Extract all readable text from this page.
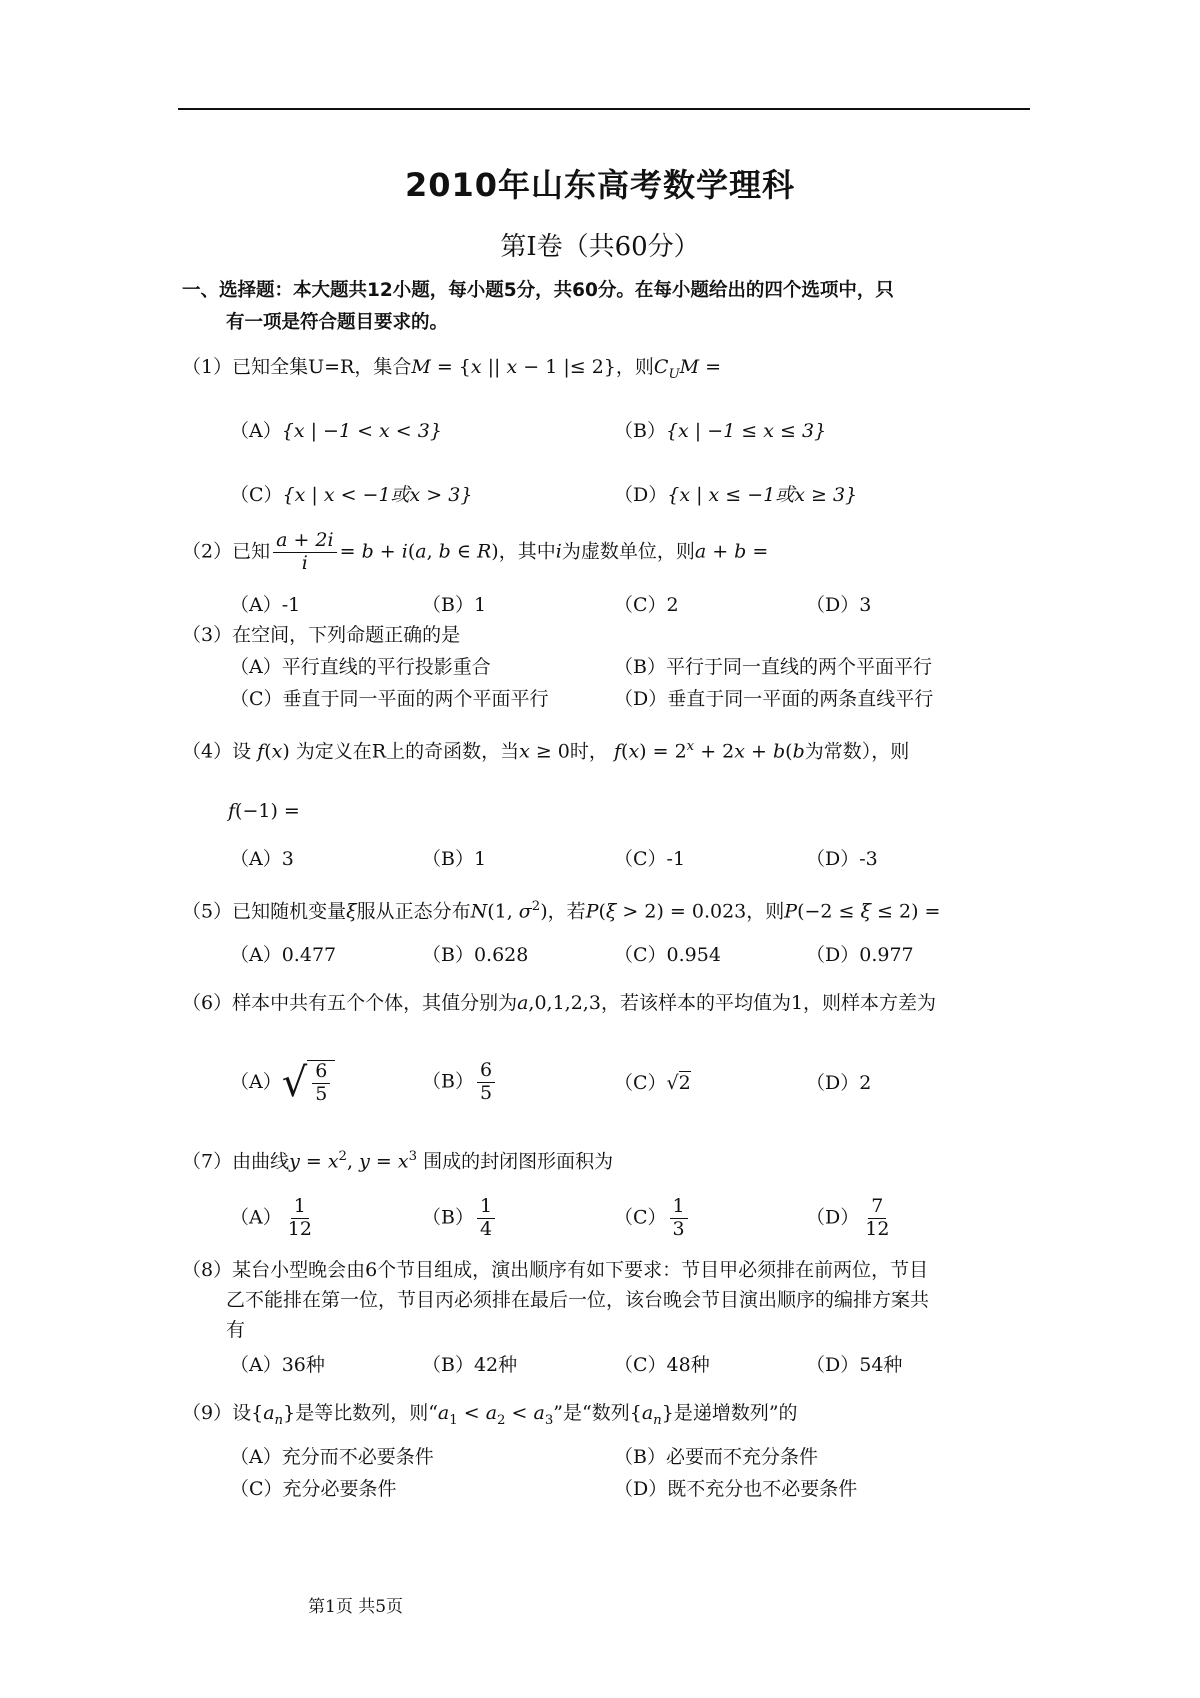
2010年山东高考数学理科
第Ⅰ卷（共60分）
一、选择题：本大题共12小题，每小题5分，共60分。在每小题给出的四个选项中，只
有一项是符合题目要求的。
（1）已知全集U=R，集合M = {x || x − 1 |≤ 2}，则$C_UM$ =
（A）{x | −1 < x < 3}	（B）{x | −1 ≤ x ≤ 3}
（C）{x | x < −1或x > 3}	（D）{x | x ≤ −1或x ≥ 3}
（2）已知 $\frac{a + 2i}{i} = b + i(a$, b ∈ R)，其中i为虚数单位，则a + b =
（A）-1	（B）1	（C）2	（D）3
（3）在空间，下列命题正确的是
（A）平行直线的平行投影重合	（B）平行于同一直线的两个平面平行
（C）垂直于同一平面的两个平面平行	（D）垂直于同一平面的两条直线平行
（4）设 f(x) 为定义在R上的奇函数，当x ≥ 0时， $f(x) = 2^x + 2x + b(b$为常数），则
f(−1) =
（A）3	（B）1	（C）-1	（D）-3
（5）已知随机变量ξ服从正态分布N(1, $\sigma^2$)，若P(ξ > 2) = 0.023，则P(−2 ≤ ξ ≤ 2) =
（A）0.477	（B）0.628	（C）0.954	（D）0.977
（6）样本中共有五个个体，其值分别为a,0,1,2,3，若该样本的平均值为1，则样本方差为
（A） √ $\frac{6}{5}$	$(B) \frac{6}{5}$	（C）√2	（D）2
（7）由曲线$y = x^2$, $y = x^3$ 围成的封闭图形面积为
$(A) \frac{1}{12}$	$(B) \frac{1}{4}$	$(C) \frac{1}{3}$	$(D) \frac{7}{12}$
（8）某台小型晚会由6个节目组成，演出顺序有如下要求：节目甲必须排在前两位，节目
乙不能排在第一位，节目丙必须排在最后一位，该台晚会节目演出顺序的编排方案共
有
（A）36种	（B）42种	（C）48种	（D）54种
（9）设$\{a_n\}$是等比数列，则“$a_1 < a_2 < a_3$”是“数列$\{a_n\}$是递增数列”的
（A）充分而不必要条件	（B）必要而不充分条件
（C）充分必要条件	（D）既不充分也不必要条件
第1页 共5页
